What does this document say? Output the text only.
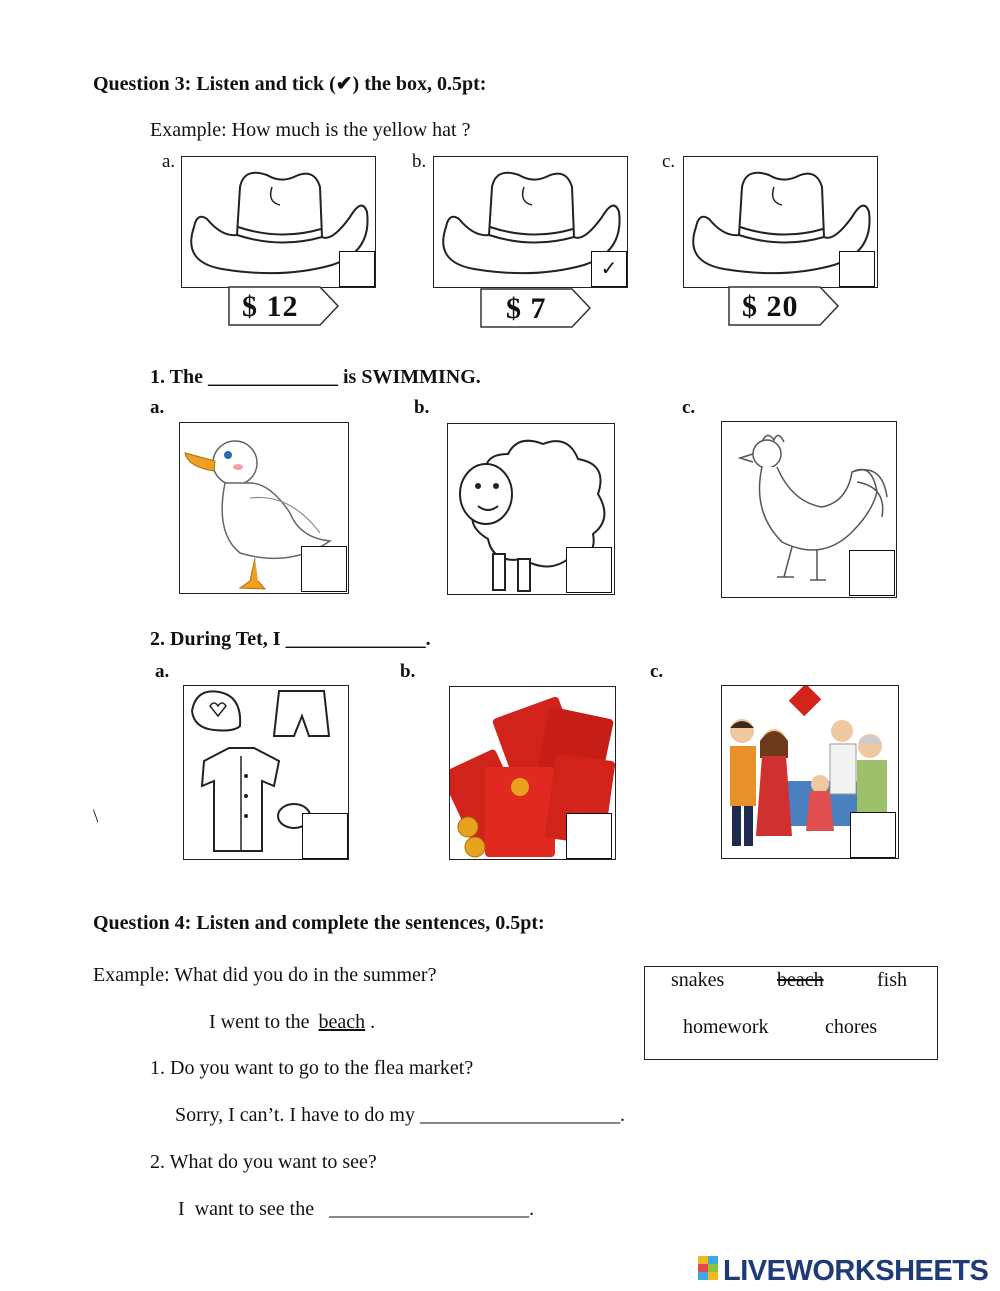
Question 3: Listen and tick (✔) the box, 0.5pt:
Example: How much is the yellow hat ?
a.	b.	c.
✓
$ 12	$ 7	$ 20
1. The _____________ is SWIMMING.
a.	b.	c.
2. During Tet, I ______________.
a.	b.	c.
\
Question 4: Listen and complete the sentences, 0.5pt:
Example: What did you do in the summer?
I went to the beach .
1. Do you want to go to the flea market?
Sorry, I can’t. I have to do my ____________________.
2. What do you want to see?
I  want to see the   ____________________.
snakes	beach	fish
homework	chores
LIVEWORKSHEETS
